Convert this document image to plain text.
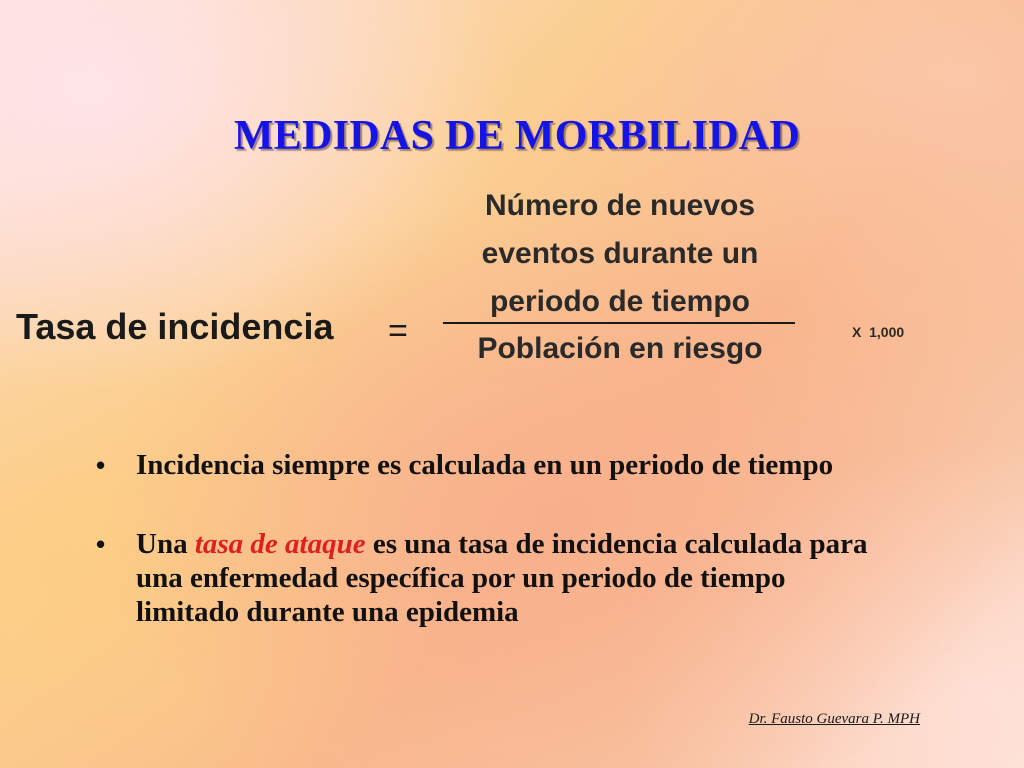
MEDIDAS DE MORBILIDAD
Tasa de incidencia =
Número de nuevos
eventos durante un
periodo de tiempo
Población en riesgo	X  1,000
• Incidencia siempre es calculada en un periodo de tiempo
• Una tasa de ataque es una tasa de incidencia calculada para una enfermedad específica por un periodo de tiempo limitado durante una epidemia
Dr. Fausto Guevara P. MPH
